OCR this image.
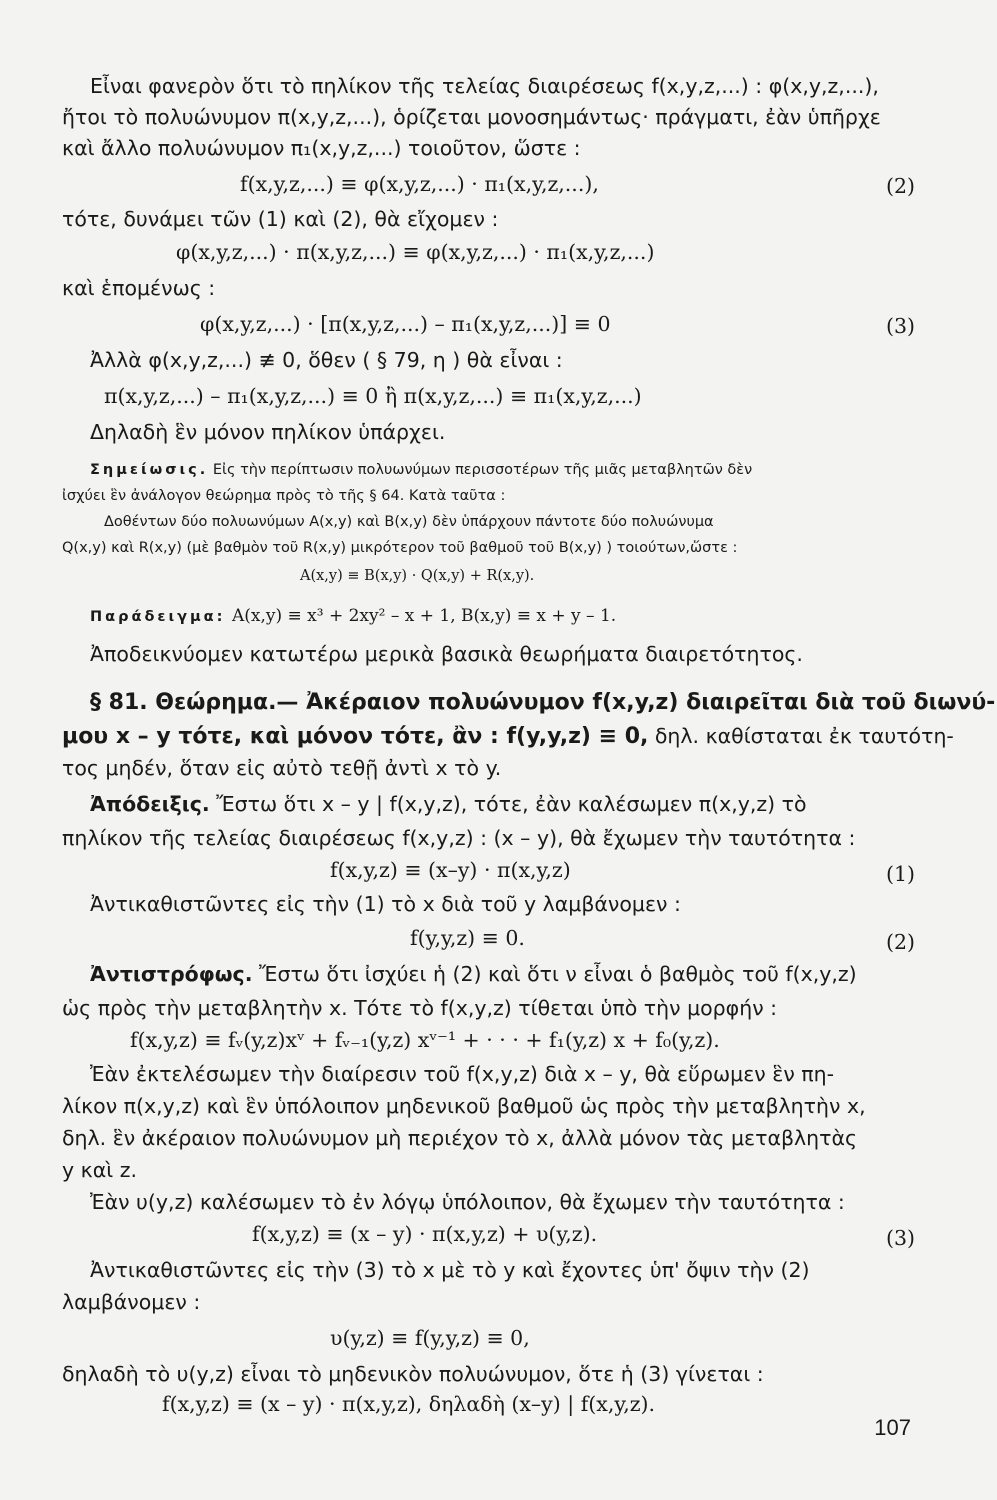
Εἶναι φανερὸν ὅτι τὸ πηλίκον τῆς τελείας διαιρέσεως f(x,y,z,...) : φ(x,y,z,...),
ἤτοι τὸ πολυώνυμον π(x,y,z,...), ὁρίζεται μονοσημάντως· πράγματι, ἐὰν ὑπῆρχε
καὶ ἄλλο πολυώνυμον π₁(x,y,z,...) τοιοῦτον, ὥστε :
f(x,y,z,...) ≡ φ(x,y,z,...) · π₁(x,y,z,...),	(2)
τότε, δυνάμει τῶν (1) καὶ (2), θὰ εἴχομεν :
φ(x,y,z,...) · π(x,y,z,...) ≡ φ(x,y,z,...) · π₁(x,y,z,...)
καὶ ἑπομένως :
φ(x,y,z,...) · [π(x,y,z,...) – π₁(x,y,z,...)] ≡ 0	(3)
Ἀλλὰ φ(x,y,z,...) ≢ 0, ὅθεν ( § 79, η ) θὰ εἶναι :
π(x,y,z,...) – π₁(x,y,z,...) ≡ 0 ἢ π(x,y,z,...) ≡ π₁(x,y,z,...)
Δηλαδὴ ἓν μόνον πηλίκον ὑπάρχει.
Σημείωσις. Εἰς τὴν περίπτωσιν πολυωνύμων περισσοτέρων τῆς μιᾶς μεταβλητῶν δὲν
ἰσχύει ἓν ἀνάλογον θεώρημα πρὸς τὸ τῆς § 64. Κατὰ ταῦτα :
Δοθέντων δύο πολυωνύμων A(x,y) καὶ B(x,y) δὲν ὑπάρχουν πάντοτε δύο πολυώνυμα
Q(x,y) καὶ R(x,y) (μὲ βαθμὸν τοῦ R(x,y) μικρότερον τοῦ βαθμοῦ τοῦ B(x,y) ) τοιούτων,ὥστε :
A(x,y) ≡ B(x,y) · Q(x,y) + R(x,y).
Παράδειγμα: A(x,y) ≡ x³ + 2xy² – x + 1, B(x,y) ≡ x + y – 1.
Ἀποδεικνύομεν κατωτέρω μερικὰ βασικὰ θεωρήματα διαιρετότητος.
§ 81. Θεώρημα.— Ἀκέραιον πολυώνυμον f(x,y,z) διαιρεῖται διὰ τοῦ διωνύ-
μου x – y τότε, καὶ μόνον τότε, ἂν : f(y,y,z) ≡ 0, δηλ. καθίσταται ἐκ ταυτότη-
τος μηδέν, ὅταν εἰς αὐτὸ τεθῇ ἀντὶ x τὸ y.
Ἀπόδειξις. Ἔστω ὅτι x – y | f(x,y,z), τότε, ἐὰν καλέσωμεν π(x,y,z) τὸ
πηλίκον τῆς τελείας διαιρέσεως f(x,y,z) : (x – y), θὰ ἔχωμεν τὴν ταυτότητα :
f(x,y,z) ≡ (x–y) · π(x,y,z)	(1)
Ἀντικαθιστῶντες εἰς τὴν (1) τὸ x διὰ τοῦ y λαμβάνομεν :
f(y,y,z) ≡ 0.	(2)
Ἀντιστρόφως. Ἔστω ὅτι ἰσχύει ἡ (2) καὶ ὅτι ν εἶναι ὁ βαθμὸς τοῦ f(x,y,z)
ὡς πρὸς τὴν μεταβλητὴν x. Τότε τὸ f(x,y,z) τίθεται ὑπὸ τὴν μορφήν :
f(x,y,z) ≡ fᵥ(y,z)xᵛ + fᵥ₋₁(y,z) xᵛ⁻¹ + · · · + f₁(y,z) x + f₀(y,z).
Ἐὰν ἐκτελέσωμεν τὴν διαίρεσιν τοῦ f(x,y,z) διὰ x – y, θὰ εὕρωμεν ἓν πη-
λίκον π(x,y,z) καὶ ἓν ὑπόλοιπον μηδενικοῦ βαθμοῦ ὡς πρὸς τὴν μεταβλητὴν x,
δηλ. ἓν ἀκέραιον πολυώνυμον μὴ περιέχον τὸ x, ἀλλὰ μόνον τὰς μεταβλητὰς
y καὶ z.
Ἐὰν υ(y,z) καλέσωμεν τὸ ἐν λόγῳ ὑπόλοιπον, θὰ ἔχωμεν τὴν ταυτότητα :
f(x,y,z) ≡ (x – y) · π(x,y,z) + υ(y,z).	(3)
Ἀντικαθιστῶντες εἰς τὴν (3) τὸ x μὲ τὸ y καὶ ἔχοντες ὑπ' ὄψιν τὴν (2)
λαμβάνομεν :
υ(y,z) ≡ f(y,y,z) ≡ 0,
δηλαδὴ τὸ υ(y,z) εἶναι τὸ μηδενικὸν πολυώνυμον, ὅτε ἡ (3) γίνεται :
f(x,y,z) ≡ (x – y) · π(x,y,z), δηλαδὴ (x–y) | f(x,y,z).
107
